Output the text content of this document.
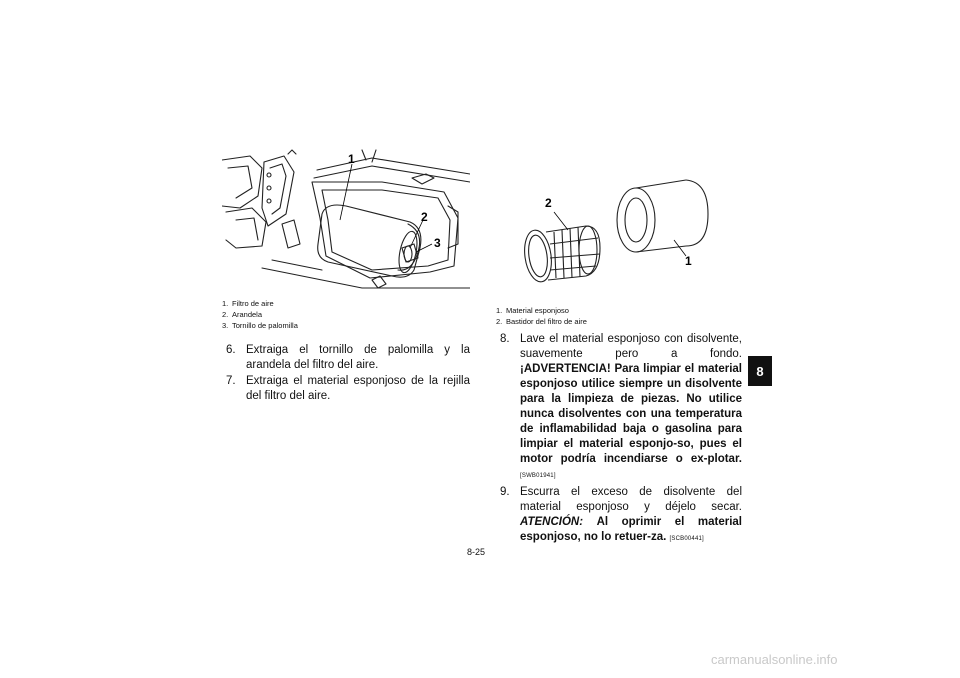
1
2
3
1. Filtro de aire
2. Arandela
3. Tornillo de palomilla
6. Extraiga el tornillo de palomilla y la arandela del filtro del aire.
7. Extraiga el material esponjoso de la rejilla del filtro del aire.
2
1
1. Material esponjoso
2. Bastidor del filtro de aire
8. Lave el material esponjoso con disolvente, suavemente pero a fondo. ¡ADVERTENCIA! Para limpiar el material esponjoso utilice siempre un disolvente para la limpieza de piezas. No utilice nunca disolventes con una temperatura de inflamabilidad baja o gasolina para limpiar el material esponjo-so, pues el motor podría incendiarse o ex-plotar. [SWB01941]
9. Escurra el exceso de disolvente del material esponjoso y déjelo secar. ATENCIÓN: Al oprimir el material esponjoso, no lo retuer-za. [SCB00441]
8-25
8
carmanualsonline.info
